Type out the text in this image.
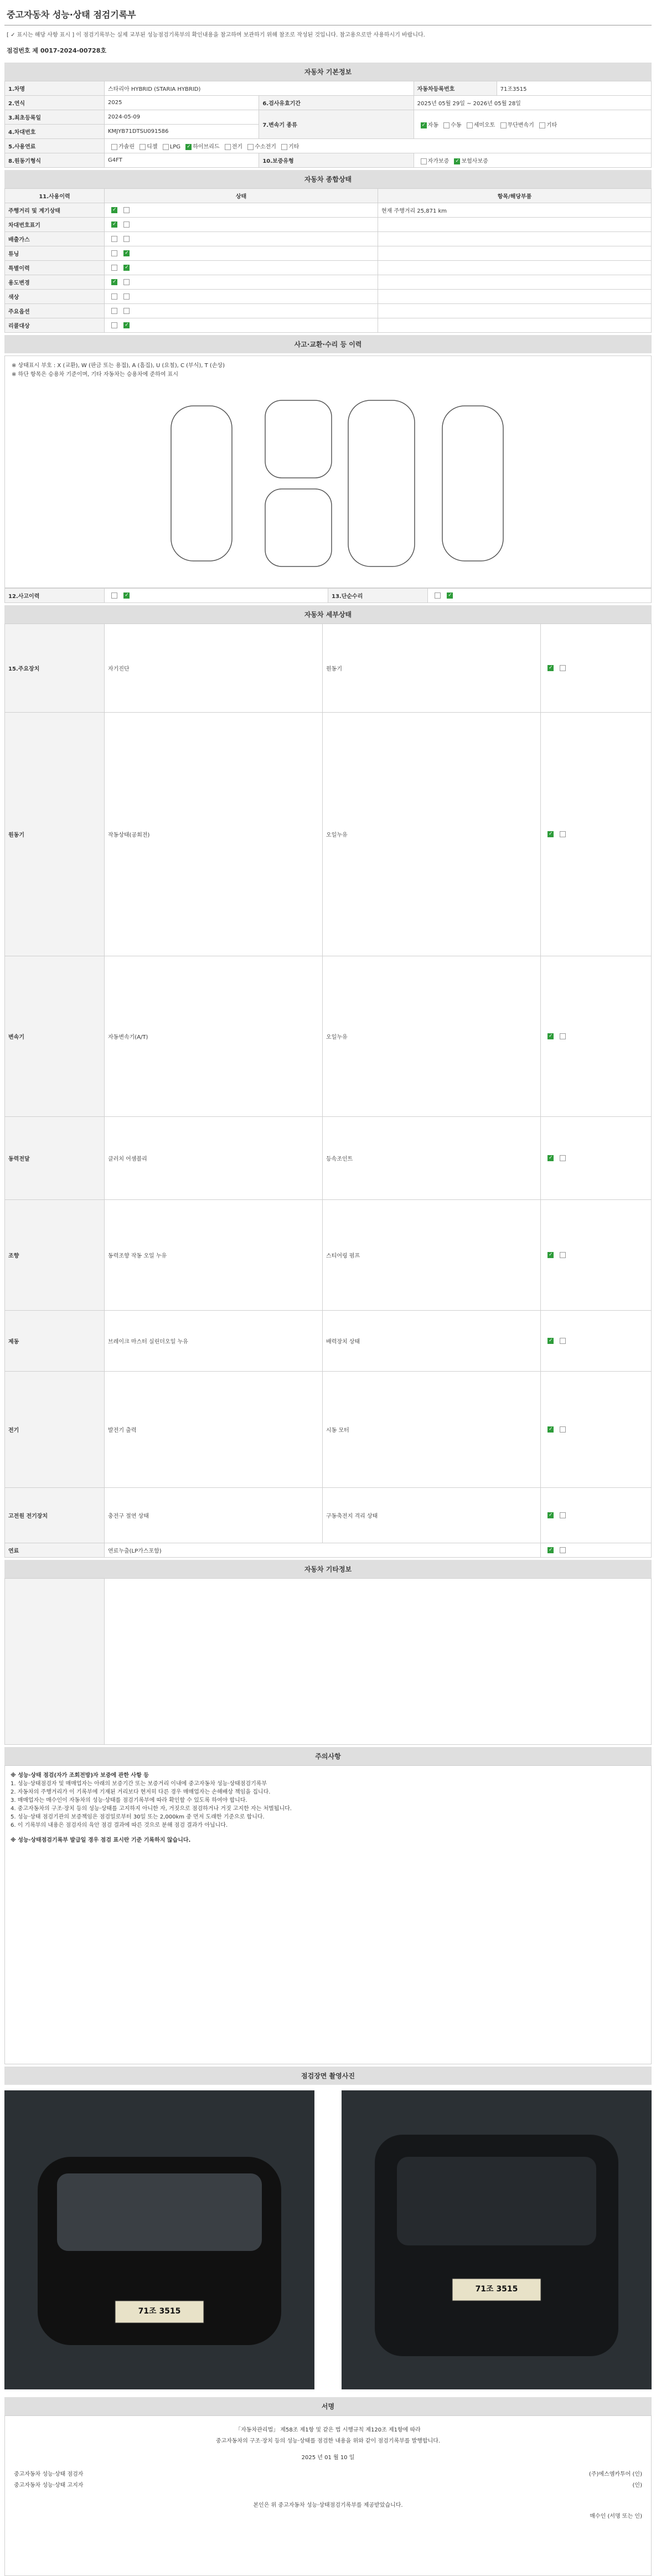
중고자동차 성능·상태 점검기록부
[ ✓ 표시는 해당 사항 표시 ] 이 점검기록부는 실제 교부된 성능점검기록부의 확인내용을 참고하며 보관하기 위해 참조로 작성된 것입니다. 참고용으로만 사용하시기 바랍니다.
점검번호 제 0017-2024-00728호
자동차 기본정보
1.차명	스타리아 HYBRID (STARIA HYBRID)		자동차등록번호	71조3515
2.연식	2025	6.검사유효기간	2025년 05월 29일 ~ 2026년 05월 28일	
3.최초등록일	2024-05-09	7.변속기 종류	✓자동 수동 세미오토 무단변속기 기타
4.차대번호	KMJYB71DTSU091586			
5.사용연료	가솔린 디젤 LPG ✓ 하이브리드 전기 수소전기 기타
8.원동기형식	G4FT	10.보증유형	자가보증 ✓ 보험사보증
자동차 종합상태
11.사용이력	상태	항목/해당부품
주행거리 및 계기상태	✓	현재 주행거리 25,871 km
차대번호표기	✓	
배출가스		
튜닝	✓	
특별이력	✓	
용도변경	✓	
색상		
주요옵션		
리콜대상	✓	
사고·교환·수리 등 이력
※ 상태표시 부호 : X (교환), W (판금 또는 용접), A (흠집), U (요철), C (부식), T (손상)
※ 하단 항목은 승용차 기준이며, 기타 자동차는 승용차에 준하여 표시
12.사고이력	✓	13.단순수리	✓
자동차 세부상태
15.주요장치	자기진단	원동기	✓
원동기	작동상태(공회전)	오일누유	✓
변속기	자동변속기(A/T)	오일누유	✓
동력전달	클러치 어셈블리	등속조인트	✓
조향	동력조향 작동 오일 누유	스티어링 펌프	✓
제동	브레이크 마스터 실린더오일 누유	배력장치 상태	✓
전기	발전기 출력	시동 모터	✓
고전원 전기장치	충전구 절연 상태	구동축전지 격리 상태	✓
연료	연료누출(LP가스포함)	✓
자동차 기타정보

주의사항
※ 성능·상태 점검(자가 조회전방)자 보증에 관한 사항 등
1. 성능·상태점검자 및 매매업자는 아래의 보증기간 또는 보증거리 이내에 중고자동차 성능·상태점검기록부
2. 자동차의 주행거리가 이 기록부에 기재된 거리보다 현저히 다른 경우 매매업자는 손해배상 책임을 집니다.
3. 매매업자는 매수인이 자동차의 성능·상태를 점검기록부에 따라 확인할 수 있도록 하여야 합니다.
4. 중고자동차의 구조·장치 등의 성능·상태를 고지하지 아니한 자, 거짓으로 점검하거나 거짓 고지한 자는 처벌됩니다.
5. 성능·상태 점검기관의 보증책임은 점검일로부터 30일 또는 2,000km 중 먼저 도래한 기준으로 합니다.
6. 이 기록부의 내용은 점검자의 육안 점검 결과에 따른 것으로 분해 점검 결과가 아닙니다.
※ 성능·상태점검기록부 발급일 경우 점검 표시란 기준 기록하지 않습니다.
점검장면 촬영사진
71조 3515
71조 3515
서명
「자동차관리법」 제58조 제1항 및 같은 법 시행규칙 제120조 제1항에 따라
중고자동차의 구조·장치 등의 성능·상태를 점검한 내용을 위와 같이 점검기록부를 발행합니다.
2025 년 01 월 10 일
중고자동차 성능·상태 점검자	(주)에스엠카투어 (인)
중고자동차 성능·상태 고지자	(인)
본인은 위 중고자동차 성능·상태점검기록부를 제공받았습니다.
매수인 (서명 또는 인)
